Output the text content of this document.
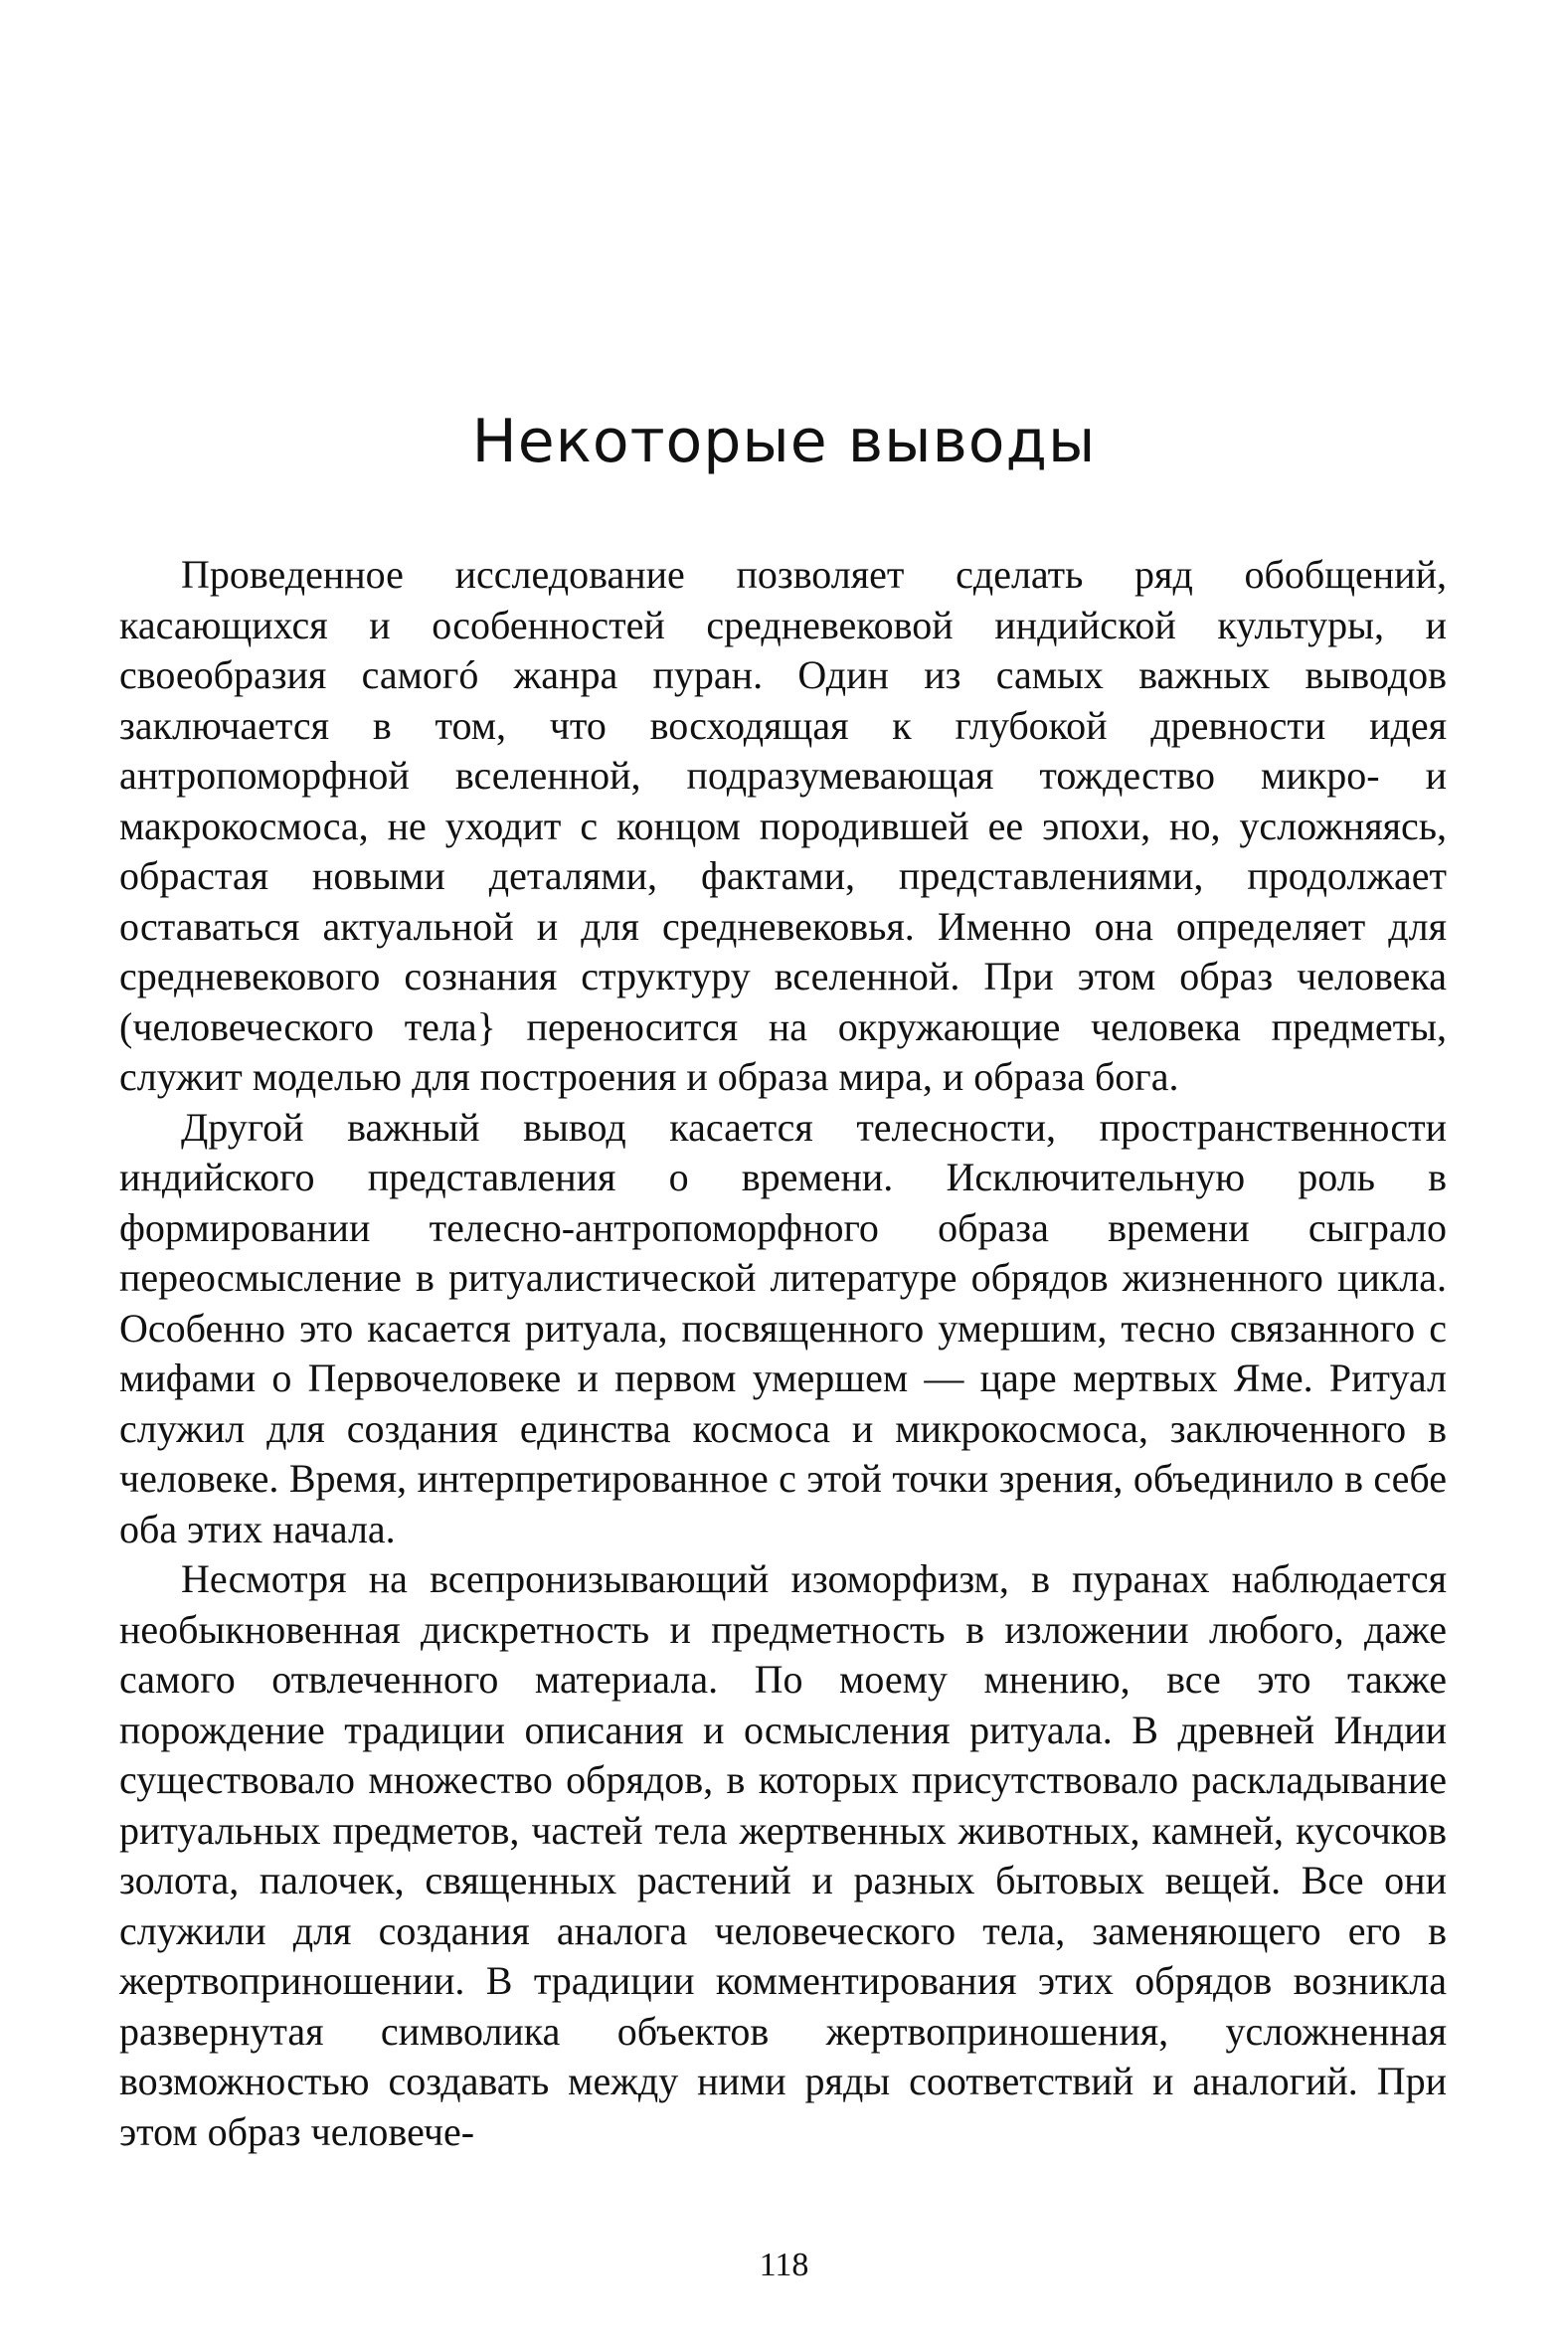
Некоторые выводы

Проведенное исследование позволяет сделать ряд обобщений, касающихся и особенностей средневековой индийской культуры, и своеобразия самогó жанра пуран. Один из самых важных выводов заключается в том, что восходящая к глубокой древности идея антропоморфной вселенной, подразумевающая тождество микро- и макрокосмоса, не уходит с концом породившей ее эпохи, но, усложняясь, обрастая новыми деталями, фактами, представлениями, продолжает оставаться актуальной и для средневековья. Именно она определяет для средневекового сознания структуру вселенной. При этом образ человека (человеческого тела} переносится на окружающие человека предметы, служит моделью для построения и образа мира, и образа бога.

Другой важный вывод касается телесности, пространственности индийского представления о времени. Исключительную роль в формировании телесно-антропоморфного образа времени сыграло переосмысление в ритуалистической литературе обрядов жизненного цикла. Особенно это касается ритуала, посвященного умершим, тесно связанного с мифами о Первочеловеке и первом умершем — царе мертвых Яме. Ритуал служил для создания единства космоса и микрокосмоса, заключенного в человеке. Время, интерпретированное с этой точки зрения, объединило в себе оба этих начала.

Несмотря на всепронизывающий изоморфизм, в пуранах наблюдается необыкновенная дискретность и предметность в изложении любого, даже самого отвлеченного материала. По моему мнению, все это также порождение традиции описания и осмысления ритуала. В древней Индии существовало множество обрядов, в которых присутствовало раскладывание ритуальных предметов, частей тела жертвенных животных, камней, кусочков золота, палочек, священных растений и разных бытовых вещей. Все они служили для создания аналога человеческого тела, заменяющего его в жертвоприношении. В традиции комментирования этих обрядов возникла развернутая символика объектов жертвоприношения, усложненная возможностью создавать между ними ряды соответствий и аналогий. При этом образ человече-

118
